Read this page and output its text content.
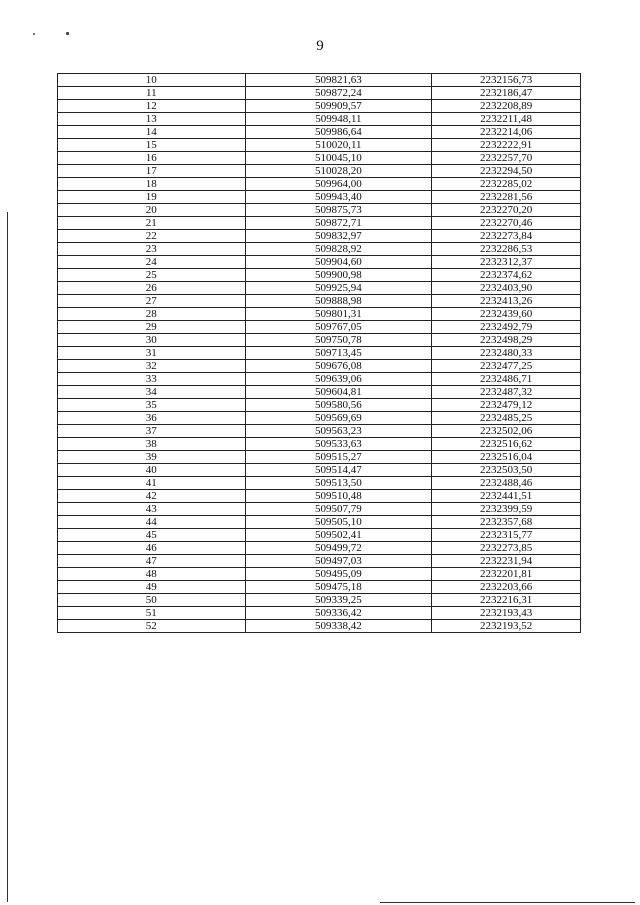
9
10	509821,63	2232156,73
11	509872,24	2232186,47
12	509909,57	2232208,89
13	509948,11	2232211,48
14	509986,64	2232214,06
15	510020,11	2232222,91
16	510045,10	2232257,70
17	510028,20	2232294,50
18	509964,00	2232285,02
19	509943,40	2232281,56
20	509875,73	2232270,20
21	509872,71	2232270,46
22	509832,97	2232273,84
23	509828,92	2232286,53
24	509904,60	2232312,37
25	509900,98	2232374,62
26	509925,94	2232403,90
27	509888,98	2232413,26
28	509801,31	2232439,60
29	509767,05	2232492,79
30	509750,78	2232498,29
31	509713,45	2232480,33
32	509676,08	2232477,25
33	509639,06	2232486,71
34	509604,81	2232487,32
35	509580,56	2232479,12
36	509569,69	2232485,25
37	509563,23	2232502,06
38	509533,63	2232516,62
39	509515,27	2232516,04
40	509514,47	2232503,50
41	509513,50	2232488,46
42	509510,48	2232441,51
43	509507,79	2232399,59
44	509505,10	2232357,68
45	509502,41	2232315,77
46	509499,72	2232273,85
47	509497,03	2232231,94
48	509495,09	2232201,81
49	509475,18	2232203,66
50	509339,25	2232216,31
51	509336,42	2232193,43
52	509338,42	2232193,52
